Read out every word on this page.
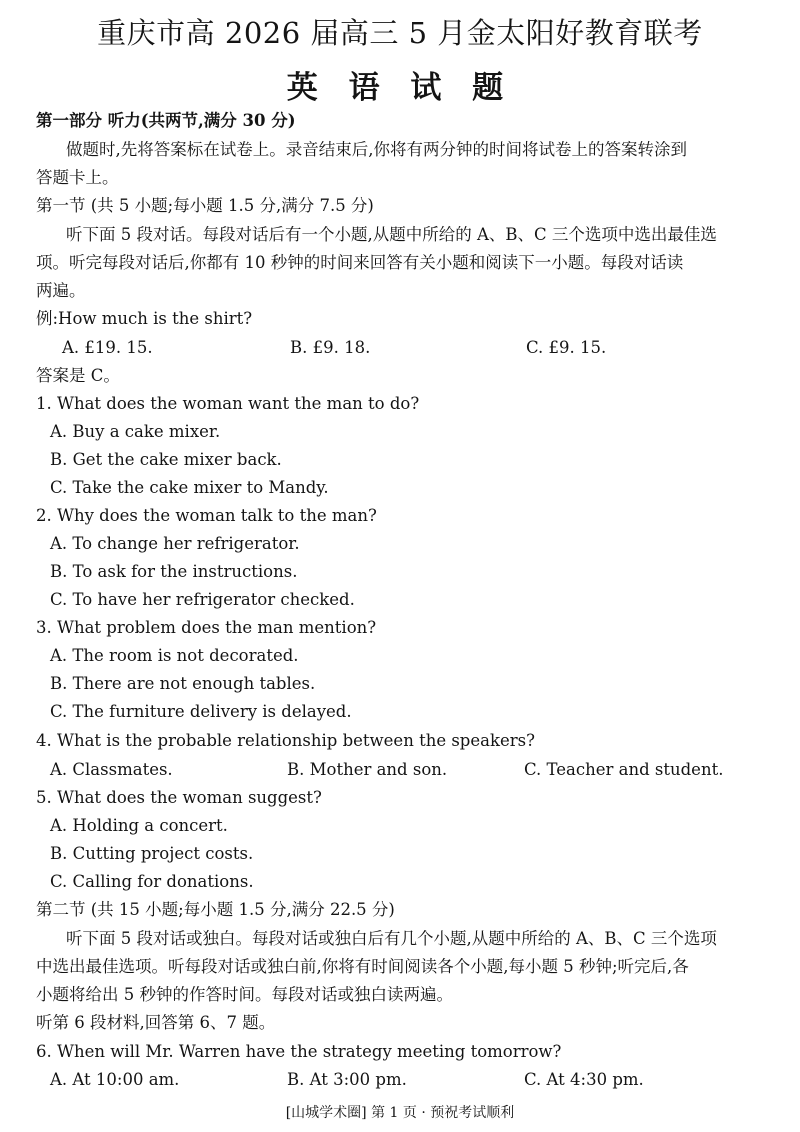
重庆市高 2026 届高三 5 月金太阳好教育联考
英 语 试 题
第一部分 听力(共两节,满分 30 分)
做题时,先将答案标在试卷上。录音结束后,你将有两分钟的时间将试卷上的答案转涂到
答题卡上。
第一节 (共 5 小题;每小题 1.5 分,满分 7.5 分)
听下面 5 段对话。每段对话后有一个小题,从题中所给的 A、B、C 三个选项中选出最佳选
项。听完每段对话后,你都有 10 秒钟的时间来回答有关小题和阅读下一小题。每段对话读
两遍。
例:How much is the shirt?
A. £19. 15.	B. £9. 18.	C. £9. 15.
答案是 C。
1. What does the woman want the man to do?
A. Buy a cake mixer.
B. Get the cake mixer back.
C. Take the cake mixer to Mandy.
2. Why does the woman talk to the man?
A. To change her refrigerator.
B. To ask for the instructions.
C. To have her refrigerator checked.
3. What problem does the man mention?
A. The room is not decorated.
B. There are not enough tables.
C. The furniture delivery is delayed.
4. What is the probable relationship between the speakers?
A. Classmates.	B. Mother and son.	C. Teacher and student.
5. What does the woman suggest?
A. Holding a concert.
B. Cutting project costs.
C. Calling for donations.
第二节 (共 15 小题;每小题 1.5 分,满分 22.5 分)
听下面 5 段对话或独白。每段对话或独白后有几个小题,从题中所给的 A、B、C 三个选项
中选出最佳选项。听每段对话或独白前,你将有时间阅读各个小题,每小题 5 秒钟;听完后,各
小题将给出 5 秒钟的作答时间。每段对话或独白读两遍。
听第 6 段材料,回答第 6、7 题。
6. When will Mr. Warren have the strategy meeting tomorrow?
A. At 10:00 am.	B. At 3:00 pm.	C. At 4:30 pm.
[山城学术圈] 第 1 页 · 预祝考试顺利
